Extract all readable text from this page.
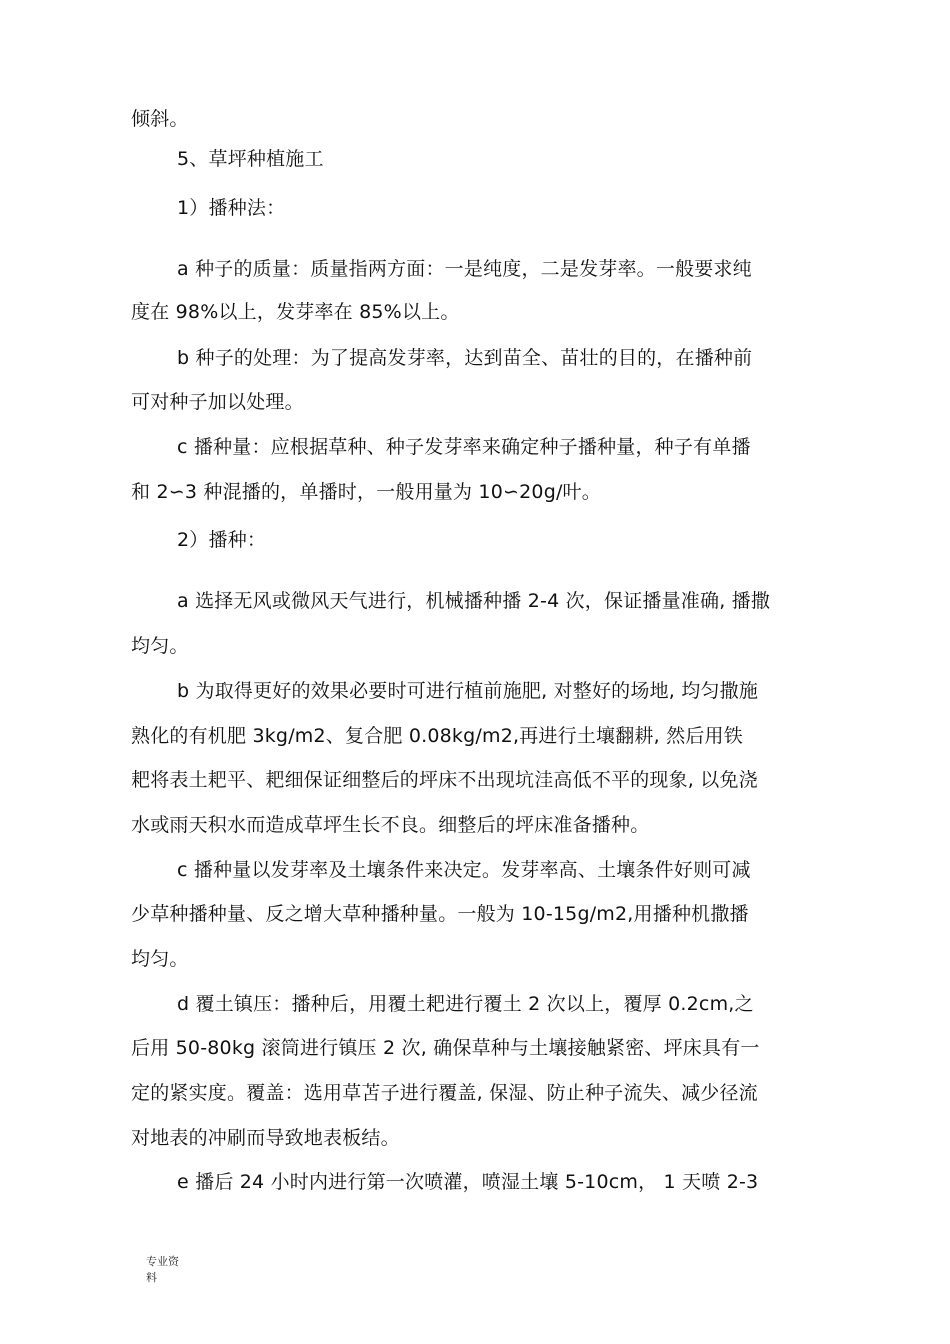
倾斜。
5、草坪种植施工
1）播种法：
a 种子的质量：质量指两方面：一是纯度，二是发芽率。一般要求纯
度在 98%以上，发芽率在 85%以上。
b 种子的处理：为了提高发芽率，达到苗全、苗壮的目的，在播种前
可对种子加以处理。
c 播种量：应根据草种、种子发芽率来确定种子播种量，种子有单播
和 2∽3 种混播的，单播时，一般用量为 10∽20g/叶。
2）播种：
a 选择无风或微风天气进行，机械播种播 2-4 次，保证播量准确, 播撒
均匀。
b 为取得更好的效果必要时可进行植前施肥, 对整好的场地, 均匀撒施
熟化的有机肥 3kg/m2、复合肥 0.08kg/m2,再进行土壤翻耕, 然后用铁
耙将表土耙平、耙细保证细整后的坪床不出现坑洼高低不平的现象, 以免浇
水或雨天积水而造成草坪生长不良。细整后的坪床准备播种。
c 播种量以发芽率及土壤条件来决定。发芽率高、土壤条件好则可减
少草种播种量、反之增大草种播种量。一般为 10-15g/m2,用播种机撒播
均匀。
d 覆土镇压：播种后，用覆土耙进行覆土 2 次以上，覆厚 0.2cm,之
后用 50-80kg 滚筒进行镇压 2 次, 确保草种与土壤接触紧密、坪床具有一
定的紧实度。覆盖：选用草苫子进行覆盖, 保湿、防止种子流失、减少径流
对地表的冲刷而导致地表板结。
e 播后 24 小时内进行第一次喷灌，喷湿土壤 5-10cm， 1 天喷 2-3
专业资
料
